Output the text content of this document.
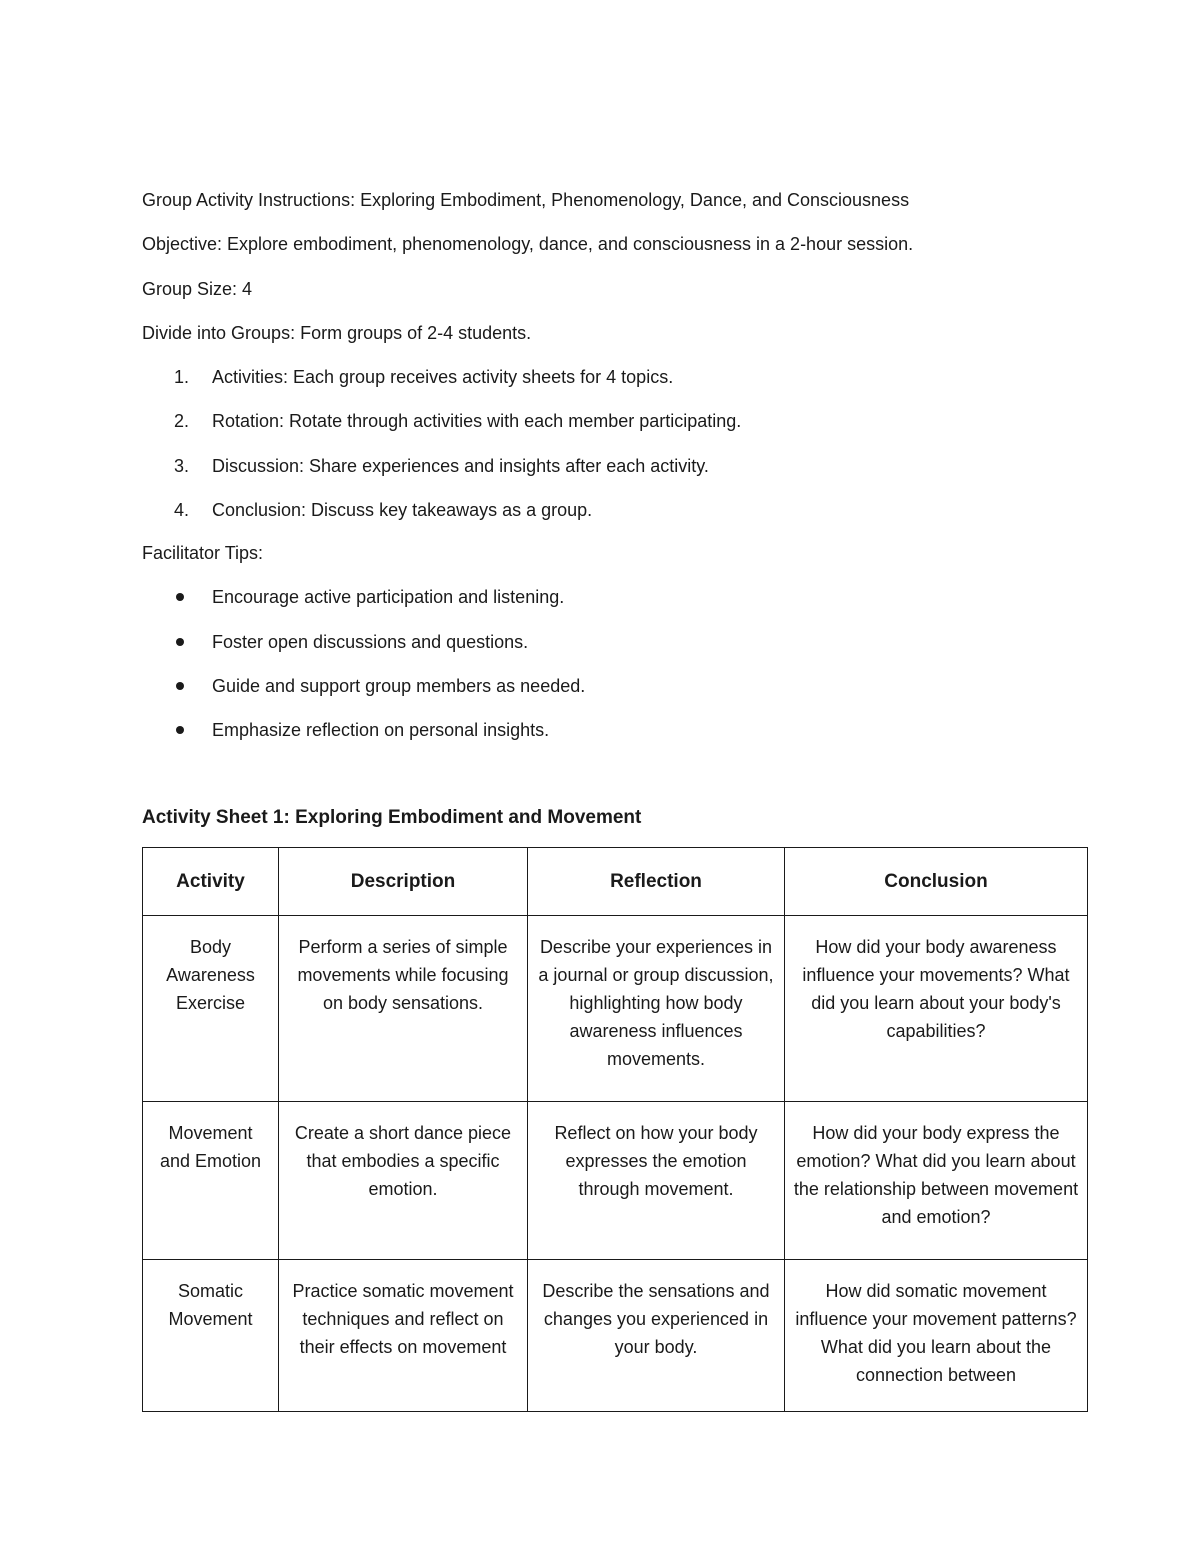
Group Activity Instructions: Exploring Embodiment, Phenomenology, Dance, and Consciousness
Objective: Explore embodiment, phenomenology, dance, and consciousness in a 2-hour session.
Group Size: 4
Divide into Groups: Form groups of 2-4 students.
1.	Activities: Each group receives activity sheets for 4 topics.
2.	Rotation: Rotate through activities with each member participating.
3.	Discussion: Share experiences and insights after each activity.
4.	Conclusion: Discuss key takeaways as a group.
Facilitator Tips:
Encourage active participation and listening.
Foster open discussions and questions.
Guide and support group members as needed.
Emphasize reflection on personal insights.
Activity Sheet 1: Exploring Embodiment and Movement
Activity	Description	Reflection	Conclusion
Body Awareness Exercise	Perform a series of simple movements while focusing on body sensations.	Describe your experiences in a journal or group discussion, highlighting how body awareness influences movements.	How did your body awareness influence your movements? What did you learn about your body's capabilities?
Movement and Emotion	Create a short dance piece that embodies a specific emotion.	Reflect on how your body expresses the emotion through movement.	How did your body express the emotion? What did you learn about the relationship between movement and emotion?
Somatic Movement	Practice somatic movement techniques and reflect on their effects on movement	Describe the sensations and changes you experienced in your body.	How did somatic movement influence your movement patterns? What did you learn about the connection between
